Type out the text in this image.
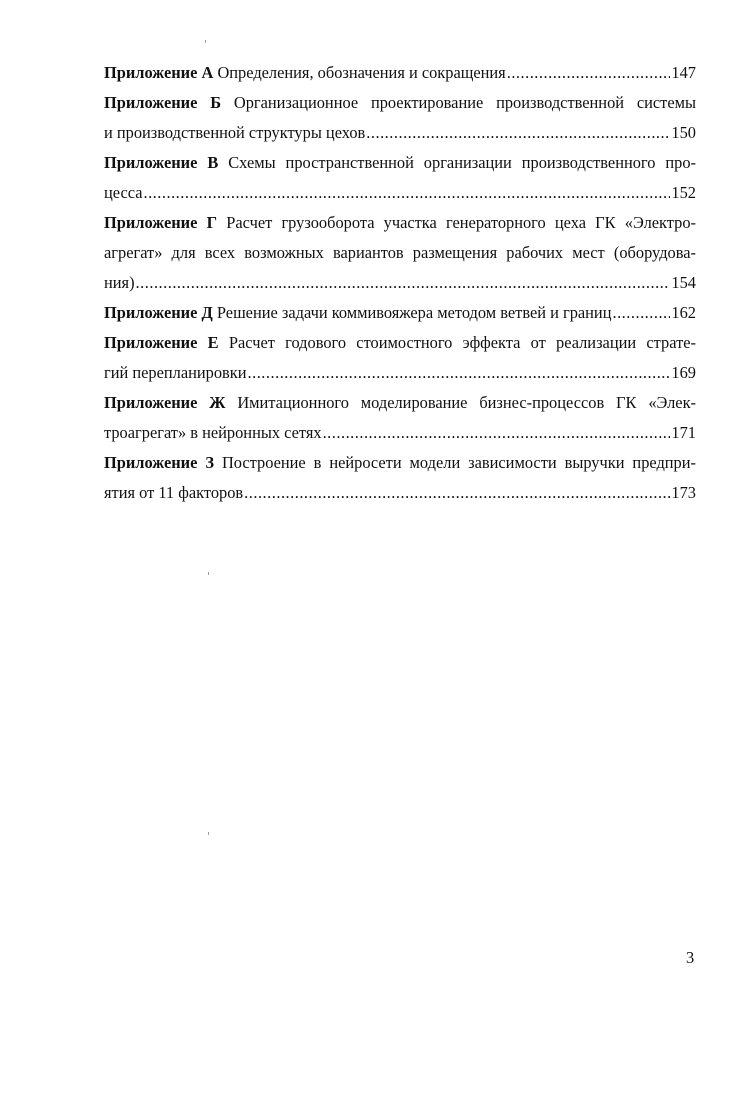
Приложение А
Определения, обозначения и сокращения .....	147
Приложение Б Организационное проектирование производственной системы
и производственной структуры цехов .....	150
Приложение В Схемы пространственной организации производственного про-
цесса .....	152
Приложение Г Расчет грузооборота участка генераторного цеха ГК «Электро-
агрегат» для всех возможных вариантов размещения рабочих мест (оборудова-
ния) .....	154
Приложение Д
Решение задачи коммивояжера методом ветвей и границ .....	162
Приложение Е Расчет годового стоимостного эффекта от реализации страте-
гий перепланировки .....	169
Приложение Ж Имитационного моделирование бизнес-процессов ГК «Элек-
троагрегат» в нейронных сетях .....	171
Приложение З Построение в нейросети модели зависимости выручки предпри-
ятия от 11 факторов .....	173
3
